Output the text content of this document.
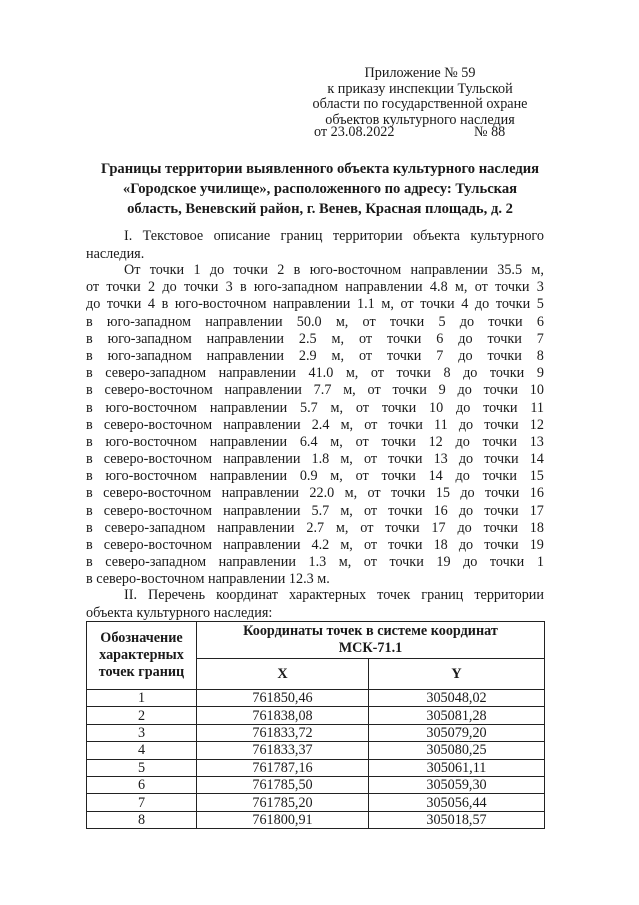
Приложение № 59
к приказу инспекции Тульской
области по государственной охране
объектов культурного наследия
от 23.08.2022	№ 88
Границы территории выявленного объекта культурного наследия
«Городское училище», расположенного по адресу: Тульская
область, Веневский район, г. Венев, Красная площадь, д. 2
I. Текстовое описание границ территории объекта культурного наследия.
От точки 1 до точки 2 в юго-восточном направлении 35.5 м,
от точки 2 до точки 3 в юго-западном направлении 4.8 м, от точки 3
до точки 4 в юго-восточном направлении 1.1 м, от точки 4 до точки 5
в юго-западном направлении 50.0 м, от точки 5 до точки 6
в юго-западном направлении 2.5 м, от точки 6 до точки 7
в юго-западном направлении 2.9 м, от точки 7 до точки 8
в северо-западном направлении 41.0 м, от точки 8 до точки 9
в северо-восточном направлении 7.7 м, от точки 9 до точки 10
в юго-восточном направлении 5.7 м, от точки 10 до точки 11
в северо-восточном направлении 2.4 м, от точки 11 до точки 12
в юго-восточном направлении 6.4 м, от точки 12 до точки 13
в северо-восточном направлении 1.8 м, от точки 13 до точки 14
в юго-восточном направлении 0.9 м, от точки 14 до точки 15
в северо-восточном направлении 22.0 м, от точки 15 до точки 16
в северо-восточном направлении 5.7 м, от точки 16 до точки 17
в северо-западном направлении 2.7 м, от точки 17 до точки 18
в северо-восточном направлении 4.2 м, от точки 18 до точки 19
в северо-западном направлении 1.3 м, от точки 19 до точки 1
в северо-восточном направлении 12.3 м.
II. Перечень координат характерных точек границ территории объекта культурного наследия:
Обозначение характерных точек границ	Координаты точек в системе координат МСК-71.1	
	X	Y
1	761850,46	305048,02
2	761838,08	305081,28
3	761833,72	305079,20
4	761833,37	305080,25
5	761787,16	305061,11
6	761785,50	305059,30
7	761785,20	305056,44
8	761800,91	305018,57
